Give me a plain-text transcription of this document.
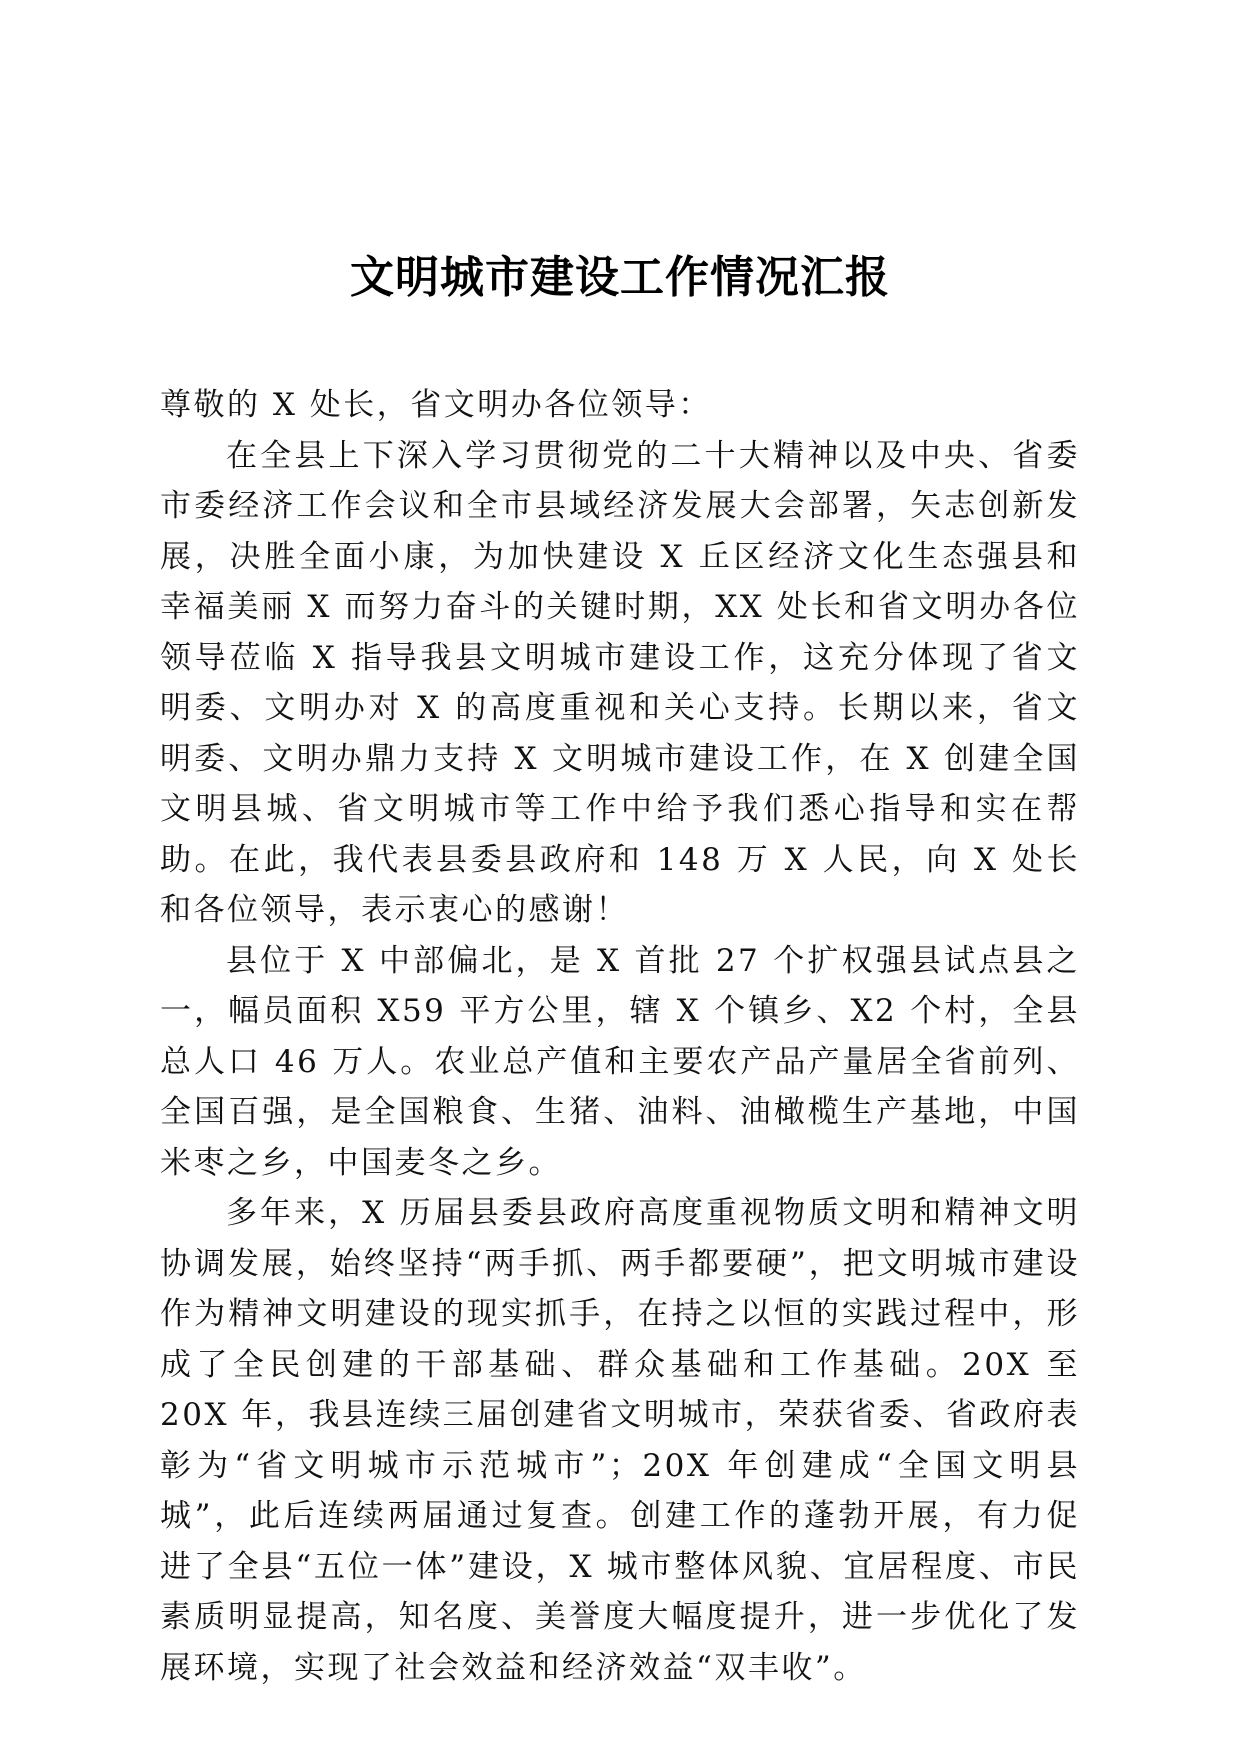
文明城市建设工作情况汇报

尊敬的 X 处长，省文明办各位领导：

在全县上下深入学习贯彻党的二十大精神以及中央、省委市委经济工作会议和全市县域经济发展大会部署，矢志创新发展，决胜全面小康，为加快建设 X 丘区经济文化生态强县和幸福美丽 X 而努力奋斗的关键时期，XX 处长和省文明办各位领导莅临 X 指导我县文明城市建设工作，这充分体现了省文明委、文明办对 X 的高度重视和关心支持。长期以来，省文明委、文明办鼎力支持 X 文明城市建设工作，在 X 创建全国文明县城、省文明城市等工作中给予我们悉心指导和实在帮助。在此，我代表县委县政府和 148 万 X 人民，向 X 处长和各位领导，表示衷心的感谢！

县位于 X 中部偏北，是 X 首批 27 个扩权强县试点县之一，幅员面积 X59 平方公里，辖 X 个镇乡、X2 个村，全县总人口 46 万人。农业总产值和主要农产品产量居全省前列、全国百强，是全国粮食、生猪、油料、油橄榄生产基地，中国米枣之乡，中国麦冬之乡。

多年来，X 历届县委县政府高度重视物质文明和精神文明协调发展，始终坚持“两手抓、两手都要硬”，把文明城市建设作为精神文明建设的现实抓手，在持之以恒的实践过程中，形成了全民创建的干部基础、群众基础和工作基础。20X 至 20X 年，我县连续三届创建省文明城市，荣获省委、省政府表彰为“省文明城市示范城市”；20X 年创建成“全国文明县城”，此后连续两届通过复查。创建工作的蓬勃开展，有力促进了全县“五位一体”建设，X 城市整体风貌、宜居程度、市民素质明显提高，知名度、美誉度大幅度提升，进一步优化了发展环境，实现了社会效益和经济效益“双丰收”。
